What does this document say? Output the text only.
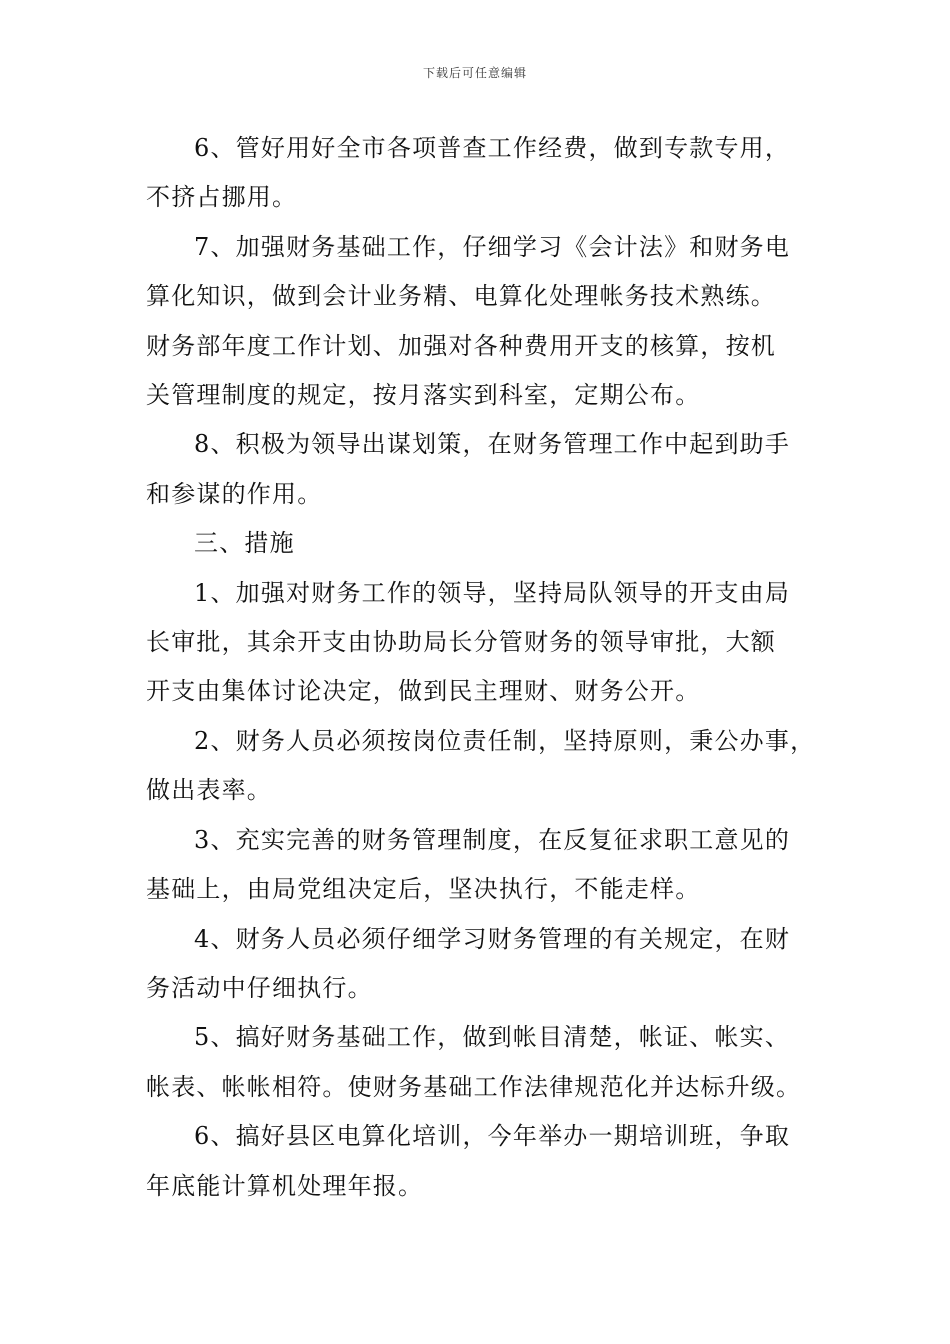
下载后可任意编辑

6、管好用好全市各项普查工作经费，做到专款专用，
不挤占挪用。

7、加强财务基础工作，仔细学习《会计法》和财务电
算化知识，做到会计业务精、电算化处理帐务技术熟练。
财务部年度工作计划、加强对各种费用开支的核算，按机
关管理制度的规定，按月落实到科室，定期公布。

8、积极为领导出谋划策，在财务管理工作中起到助手
和参谋的作用。

三、措施

1、加强对财务工作的领导，坚持局队领导的开支由局
长审批，其余开支由协助局长分管财务的领导审批，大额
开支由集体讨论决定，做到民主理财、财务公开。

2、财务人员必须按岗位责任制，坚持原则，秉公办事，
做出表率。

3、充实完善的财务管理制度，在反复征求职工意见的
基础上，由局党组决定后，坚决执行，不能走样。

4、财务人员必须仔细学习财务管理的有关规定，在财
务活动中仔细执行。

5、搞好财务基础工作，做到帐目清楚，帐证、帐实、
帐表、帐帐相符。使财务基础工作法律规范化并达标升级。

6、搞好县区电算化培训，今年举办一期培训班，争取
年底能计算机处理年报。
